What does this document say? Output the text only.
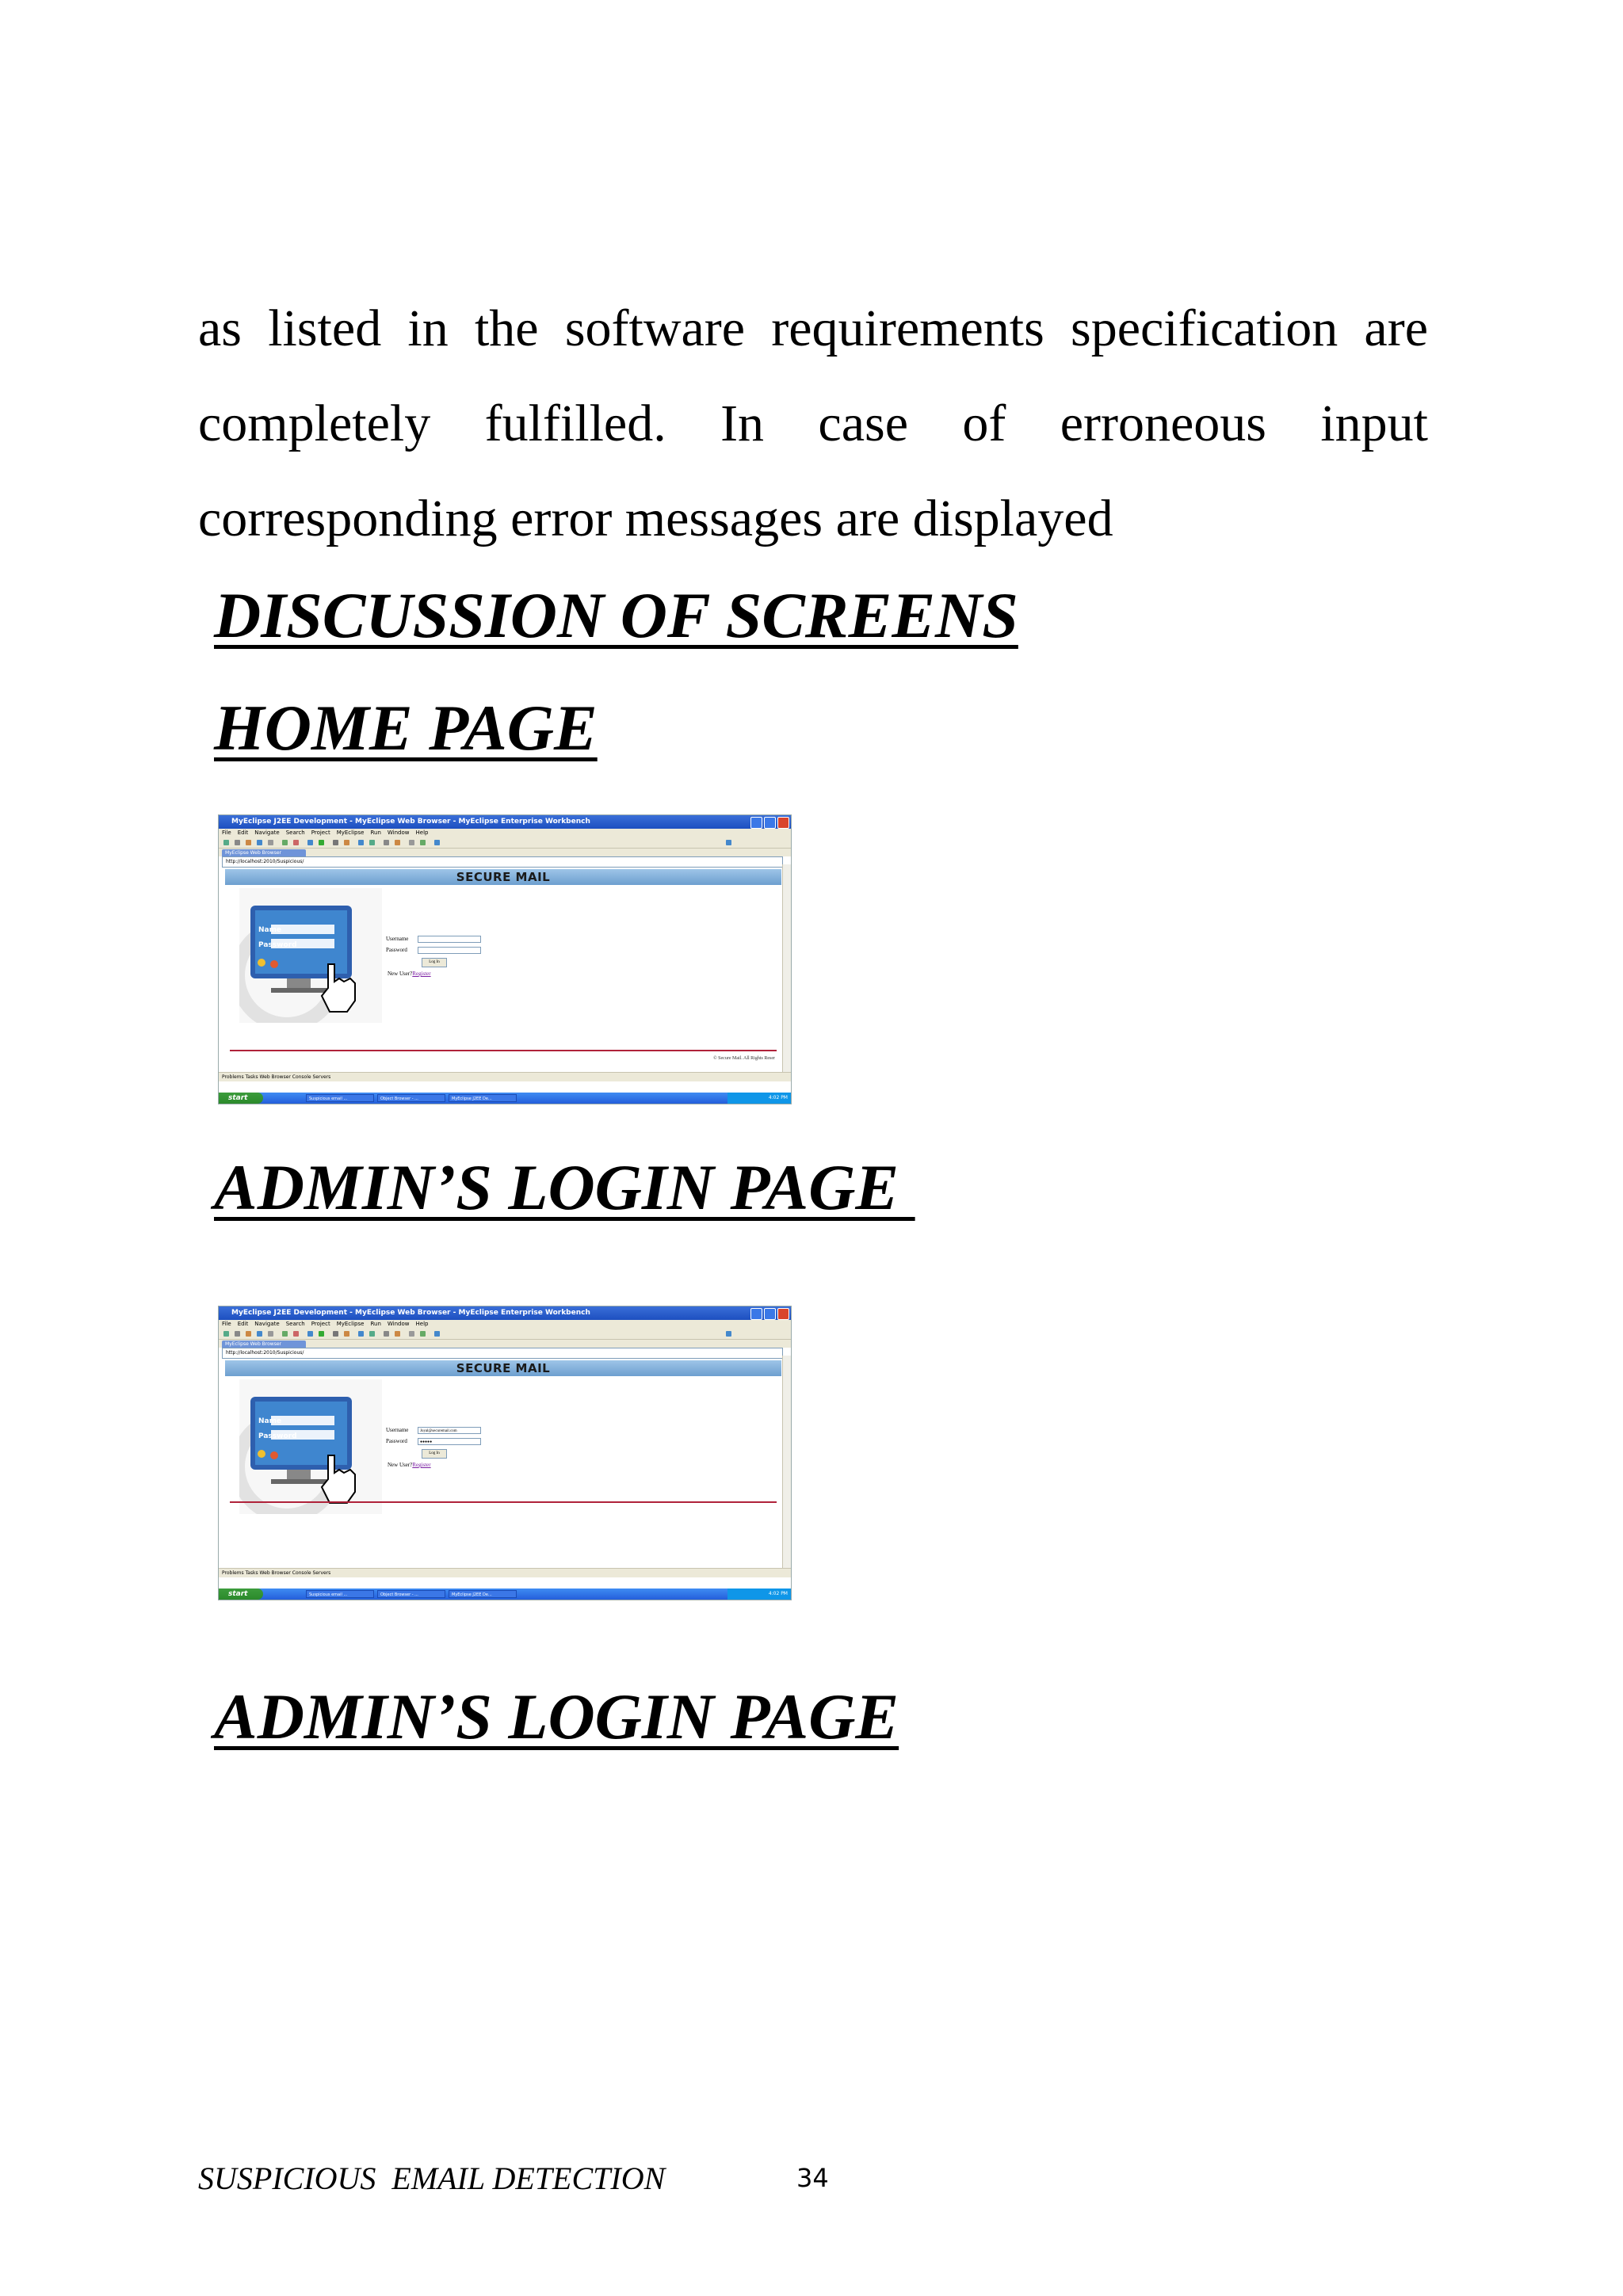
as listed in the software requirements specification are
completely fulfilled. In case of erroneous input
corresponding error messages are displayed
DISCUSSION OF SCREENS
HOME PAGE
MyEclipse J2EE Development - MyEclipse Web Browser - MyEclipse Enterprise Workbench
File Edit Navigate Search Project MyEclipse Run Window Help
MyEclipse Web Browser
http://localhost:2010/Suspicious/
SECURE MAIL
Name
Password
Username
Password
Log In
New User?Register
© Secure Mail. All Rights Reser
Problems Tasks Web Browser Console Servers
start	Suspicious email ...	Object Browser - ...	MyEclipse J2EE De...	4:02 PM
ADMIN’S LOGIN PAGE
MyEclipse J2EE Development - MyEclipse Web Browser - MyEclipse Enterprise Workbench
File Edit Navigate Search Project MyEclipse Run Window Help
MyEclipse Web Browser
http://localhost:2010/Suspicious/
SECURE MAIL
Name
Password
Username	Joyal@securemail.com
Password	●●●●●
Log In
New User?Register
Problems Tasks Web Browser Console Servers
start	Suspicious email ...	Object Browser - ...	MyEclipse J2EE De...	4:02 PM
ADMIN’S LOGIN PAGE
SUSPICIOUS  EMAIL DETECTION	34
